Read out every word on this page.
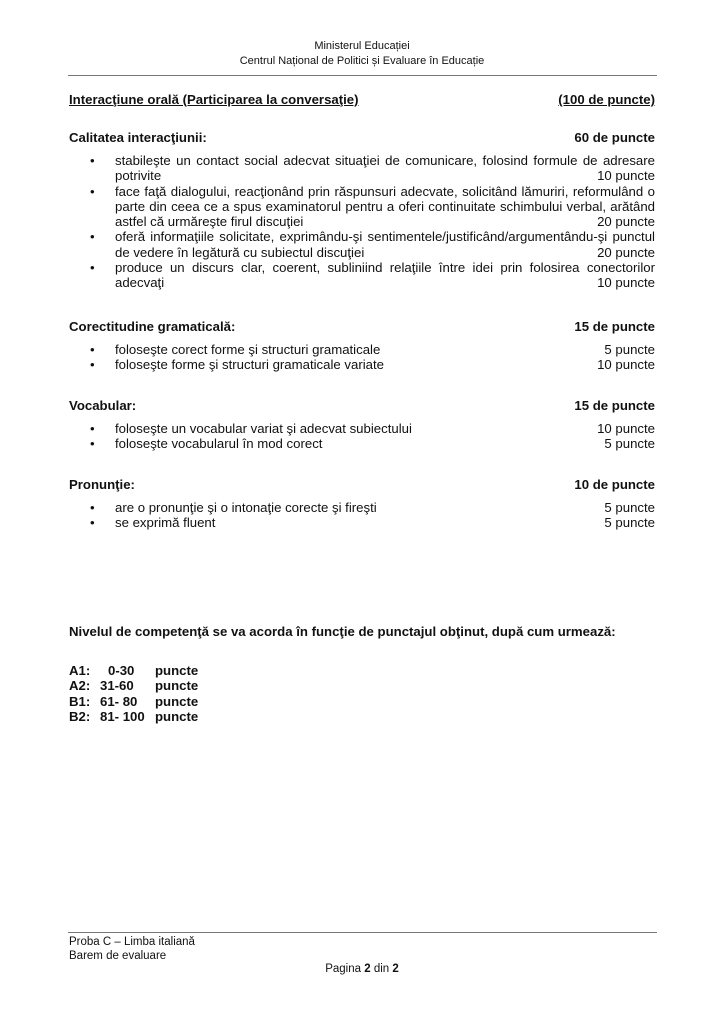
Ministerul Educației
Centrul Național de Politici și Evaluare în Educație
Interacţiune orală (Participarea la conversaţie)	(100 de puncte)
Calitatea interacţiunii:	60 de puncte
• stabileşte un contact social adecvat situaţiei de comunicare, folosind formule de adresare potrivite	10 puncte
• face faţă dialogului, reacţionând prin răspunsuri adecvate, solicitând lămuriri, reformulând o parte din ceea ce a spus examinatorul pentru a oferi continuitate schimbului verbal, arătând astfel că urmăreşte firul discuţiei	20 puncte
• oferă informaţiile solicitate, exprimându-şi sentimentele/justificând/argumentându-şi punctul de vedere în legătură cu subiectul discuţiei	20 puncte
• produce un discurs clar, coerent, subliniind relaţiile între idei prin folosirea conectorilor adecvaţi	10 puncte
Corectitudine gramaticală:	15 de puncte
• foloseşte corect forme şi structuri gramaticale	5 puncte
• foloseşte forme şi structuri gramaticale variate	10 puncte
Vocabular:	15 de puncte
• foloseşte un vocabular variat şi adecvat subiectului	10 puncte
• foloseşte vocabularul în mod corect	5 puncte
Pronunţie:	10 de puncte
• are o pronunţie şi o intonaţie corecte şi fireşti	5 puncte
• se exprimă fluent	5 puncte
Nivelul de competenţă se va acorda în funcţie de punctajul obţinut, după cum urmează:
A1:	0-30	puncte
A2: 31-60	puncte
B1: 61- 80	puncte
B2: 81- 100 puncte
Proba C – Limba italiană
Barem de evaluare
Pagina 2 din 2
